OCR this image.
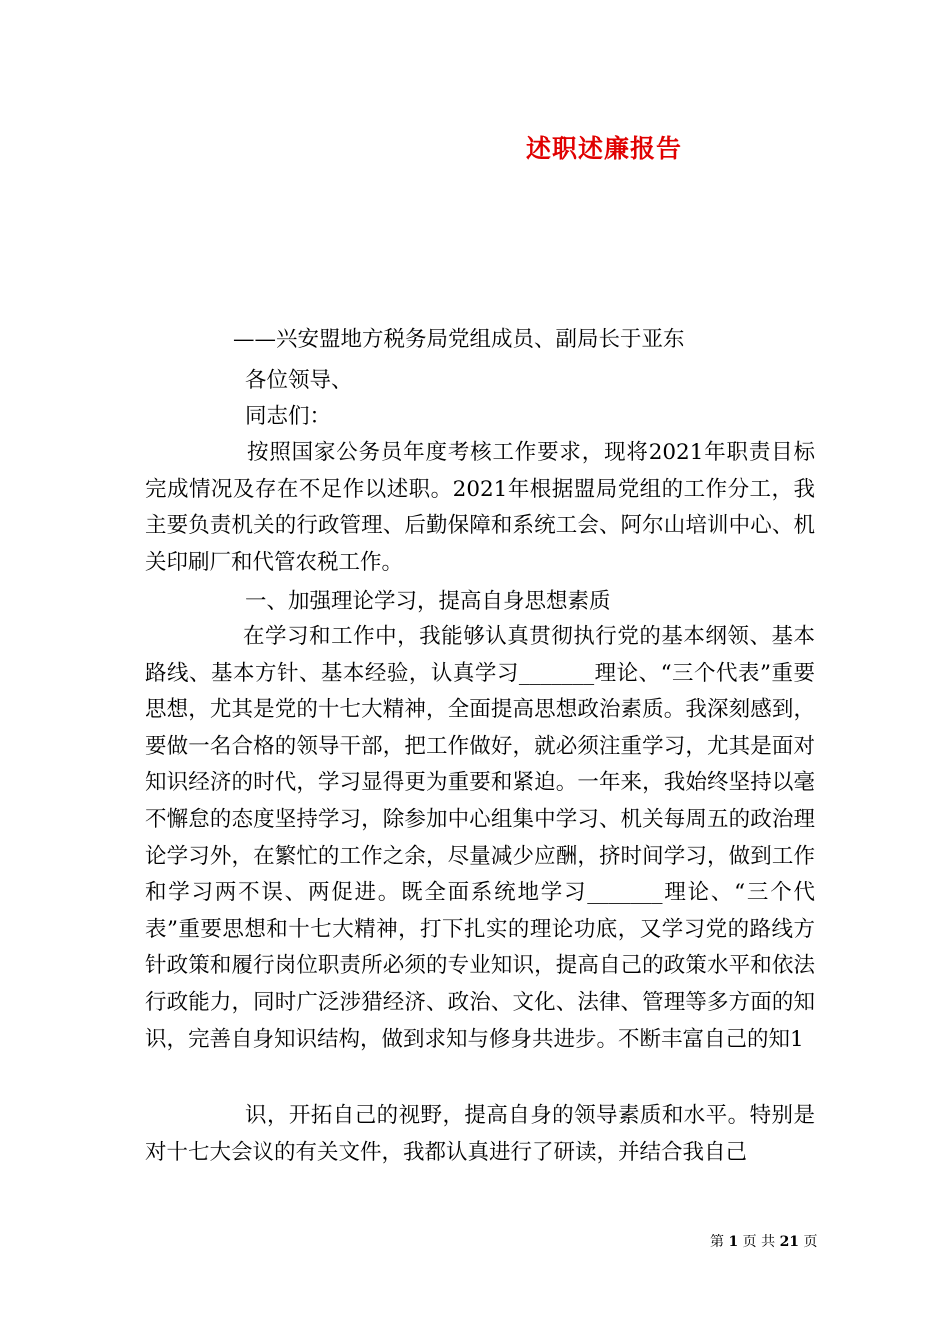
述职述廉报告
——兴安盟地方税务局党组成员、副局长于亚东
各位领导、
同志们：
按照国家公务员年度考核工作要求，现将2021年职责目标完成情况及存在不足作以述职。2021年根据盟局党组的工作分工，我主要负责机关的行政管理、后勤保障和系统工会、阿尔山培训中心、机关印刷厂和代管农税工作。
一、加强理论学习，提高自身思想素质
在学习和工作中，我能够认真贯彻执行党的基本纲领、基本路线、基本方针、基本经验，认真学习_______理论、“三个代表”重要思想，尤其是党的十七大精神，全面提高思想政治素质。我深刻感到，要做一名合格的领导干部，把工作做好，就必须注重学习，尤其是面对知识经济的时代，学习显得更为重要和紧迫。一年来，我始终坚持以毫不懈怠的态度坚持学习，除参加中心组集中学习、机关每周五的政治理论学习外，在繁忙的工作之余，尽量减少应酬，挤时间学习，做到工作和学习两不误、两促进。既全面系统地学习_______理论、“三个代表”重要思想和十七大精神，打下扎实的理论功底，又学习党的路线方针政策和履行岗位职责所必须的专业知识，提高自己的政策水平和依法行政能力，同时广泛涉猎经济、政治、文化、法律、管理等多方面的知识，完善自身知识结构，做到求知与修身共进步。不断丰富自己的知1
识，开拓自己的视野，提高自身的领导素质和水平。特别是对十七大会议的有关文件，我都认真进行了研读，并结合我自己
第 1 页 共 21 页
